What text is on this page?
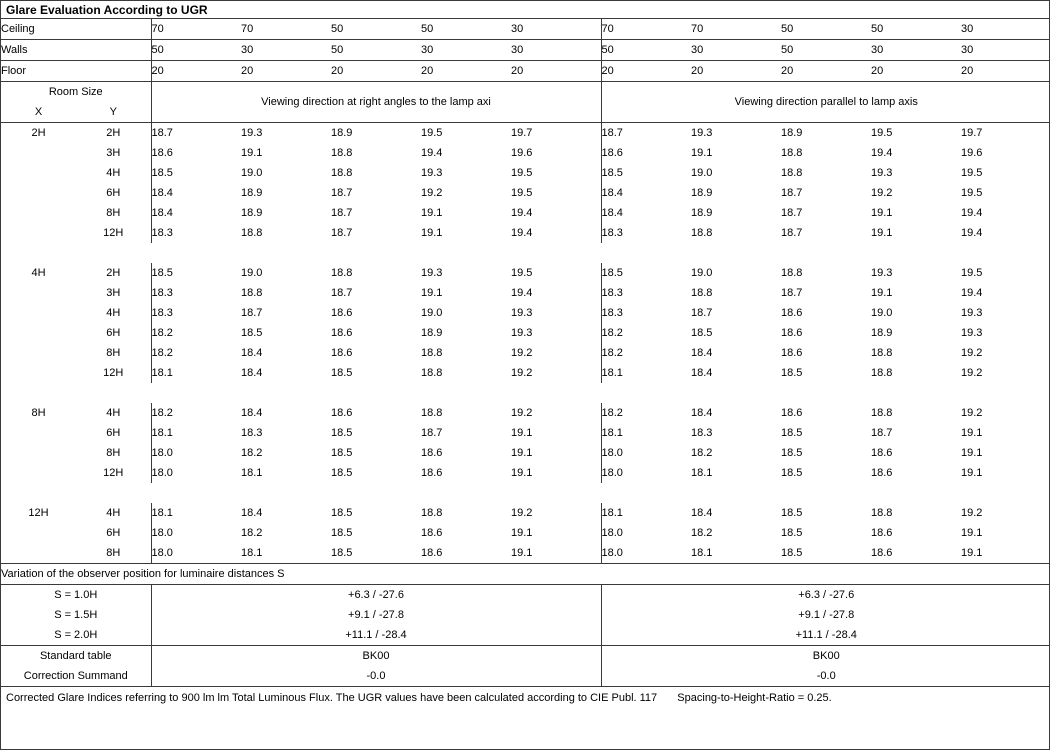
Glare Evaluation According to UGR
Ceiling	70	70	50	50	30	70	70	50	50	30
Walls	50	30	50	30	30	50	30	50	30	30
Floor	20	20	20	20	20	20	20	20	20	20
Room Size		Viewing direction at right angles to the lamp axi	Viewing direction parallel to lamp axis
X	Y		
2H	2H	18.7	19.3	18.9	19.5	19.7	18.7	19.3	18.9	19.5	19.7
	3H	18.6	19.1	18.8	19.4	19.6	18.6	19.1	18.8	19.4	19.6
	4H	18.5	19.0	18.8	19.3	19.5	18.5	19.0	18.8	19.3	19.5
	6H	18.4	18.9	18.7	19.2	19.5	18.4	18.9	18.7	19.2	19.5
	8H	18.4	18.9	18.7	19.1	19.4	18.4	18.9	18.7	19.1	19.4
	12H	18.3	18.8	18.7	19.1	19.4	18.3	18.8	18.7	19.1	19.4

4H	2H	18.5	19.0	18.8	19.3	19.5	18.5	19.0	18.8	19.3	19.5
	3H	18.3	18.8	18.7	19.1	19.4	18.3	18.8	18.7	19.1	19.4
	4H	18.3	18.7	18.6	19.0	19.3	18.3	18.7	18.6	19.0	19.3
	6H	18.2	18.5	18.6	18.9	19.3	18.2	18.5	18.6	18.9	19.3
	8H	18.2	18.4	18.6	18.8	19.2	18.2	18.4	18.6	18.8	19.2
	12H	18.1	18.4	18.5	18.8	19.2	18.1	18.4	18.5	18.8	19.2

8H	4H	18.2	18.4	18.6	18.8	19.2	18.2	18.4	18.6	18.8	19.2
	6H	18.1	18.3	18.5	18.7	19.1	18.1	18.3	18.5	18.7	19.1
	8H	18.0	18.2	18.5	18.6	19.1	18.0	18.2	18.5	18.6	19.1
	12H	18.0	18.1	18.5	18.6	19.1	18.0	18.1	18.5	18.6	19.1

12H	4H	18.1	18.4	18.5	18.8	19.2	18.1	18.4	18.5	18.8	19.2
	6H	18.0	18.2	18.5	18.6	19.1	18.0	18.2	18.5	18.6	19.1
	8H	18.0	18.1	18.5	18.6	19.1	18.0	18.1	18.5	18.6	19.1
Variation of the observer position for luminaire distances S		
S = 1.0H	+6.3 / -27.6	+6.3 / -27.6
S = 1.5H	+9.1 / -27.8	+9.1 / -27.8
S = 2.0H	+11.1 / -28.4	+11.1 / -28.4
Standard table	BK00	BK00
Correction Summand	-0.0	-0.0
Corrected Glare Indices referring to 900 lm lm Total Luminous Flux. The UGR values have been calculated according to CIE Publ. 117 Spacing-to-Height-Ratio = 0.25.
